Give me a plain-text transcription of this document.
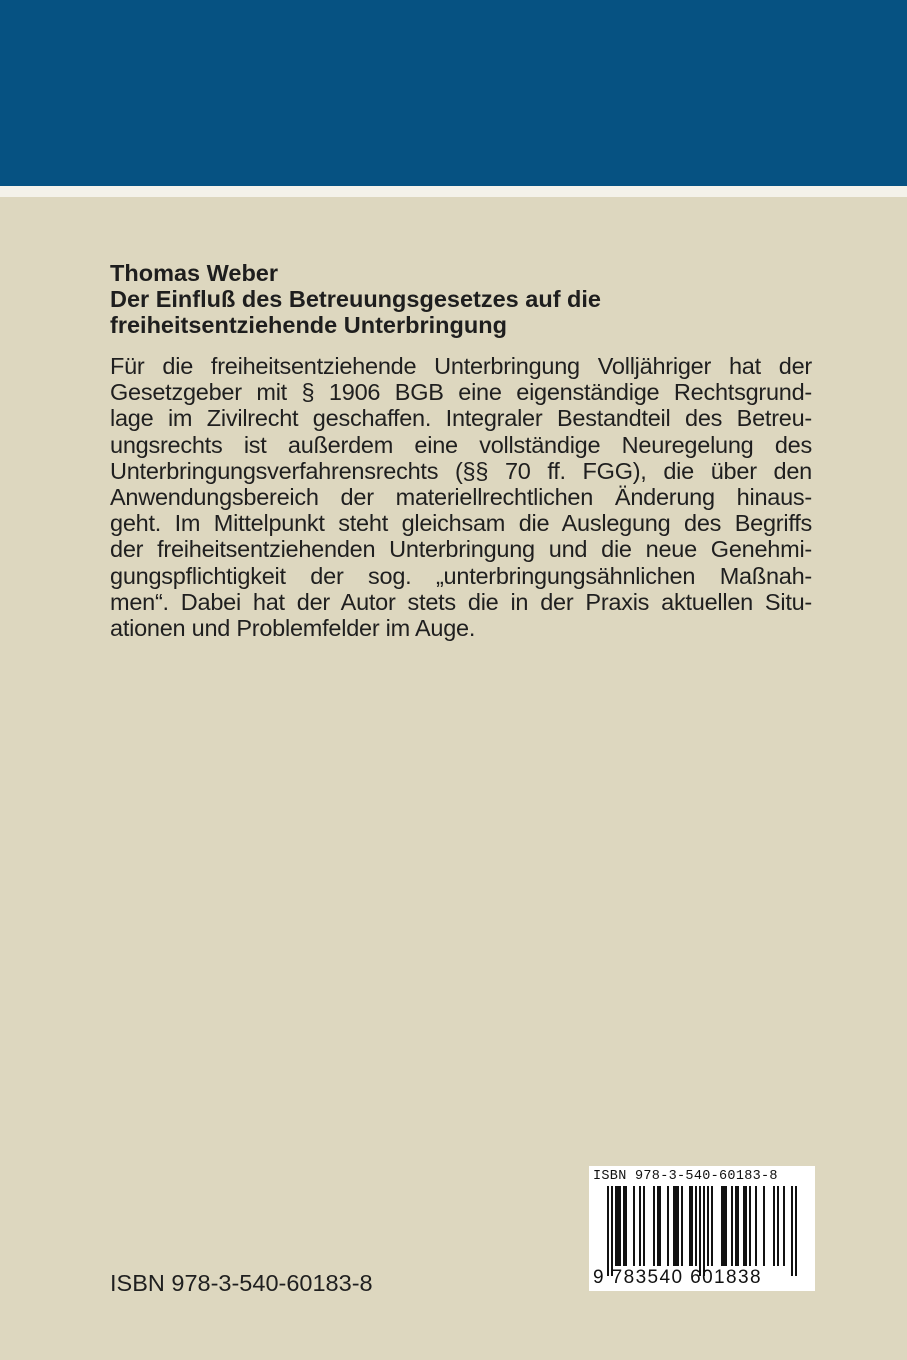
Thomas Weber
Der Einfluß des Betreuungsgesetzes auf die
freiheitsentziehende Unterbringung
Für die freiheitsentziehende Unterbringung Volljähriger hat der
Gesetzgeber mit § 1906 BGB eine eigenständige Rechtsgrund-
lage im Zivilrecht geschaffen. Integraler Bestandteil des Betreu-
ungsrechts ist außerdem eine vollständige Neuregelung des
Unterbringungsverfahrensrechts (§§ 70 ff. FGG), die über den
Anwendungsbereich der materiellrechtlichen Änderung hinaus-
geht. Im Mittelpunkt steht gleichsam die Auslegung des Begriffs
der freiheitsentziehenden Unterbringung und die neue Genehmi-
gungspflichtigkeit der sog. „unterbringungsähnlichen Maßnah-
men“. Dabei hat der Autor stets die in der Praxis aktuellen Situ-
ationen und Problemfelder im Auge.
ISBN 978-3-540-60183-8
ISBN 978-3-540-60183-8
9 783540 601838
